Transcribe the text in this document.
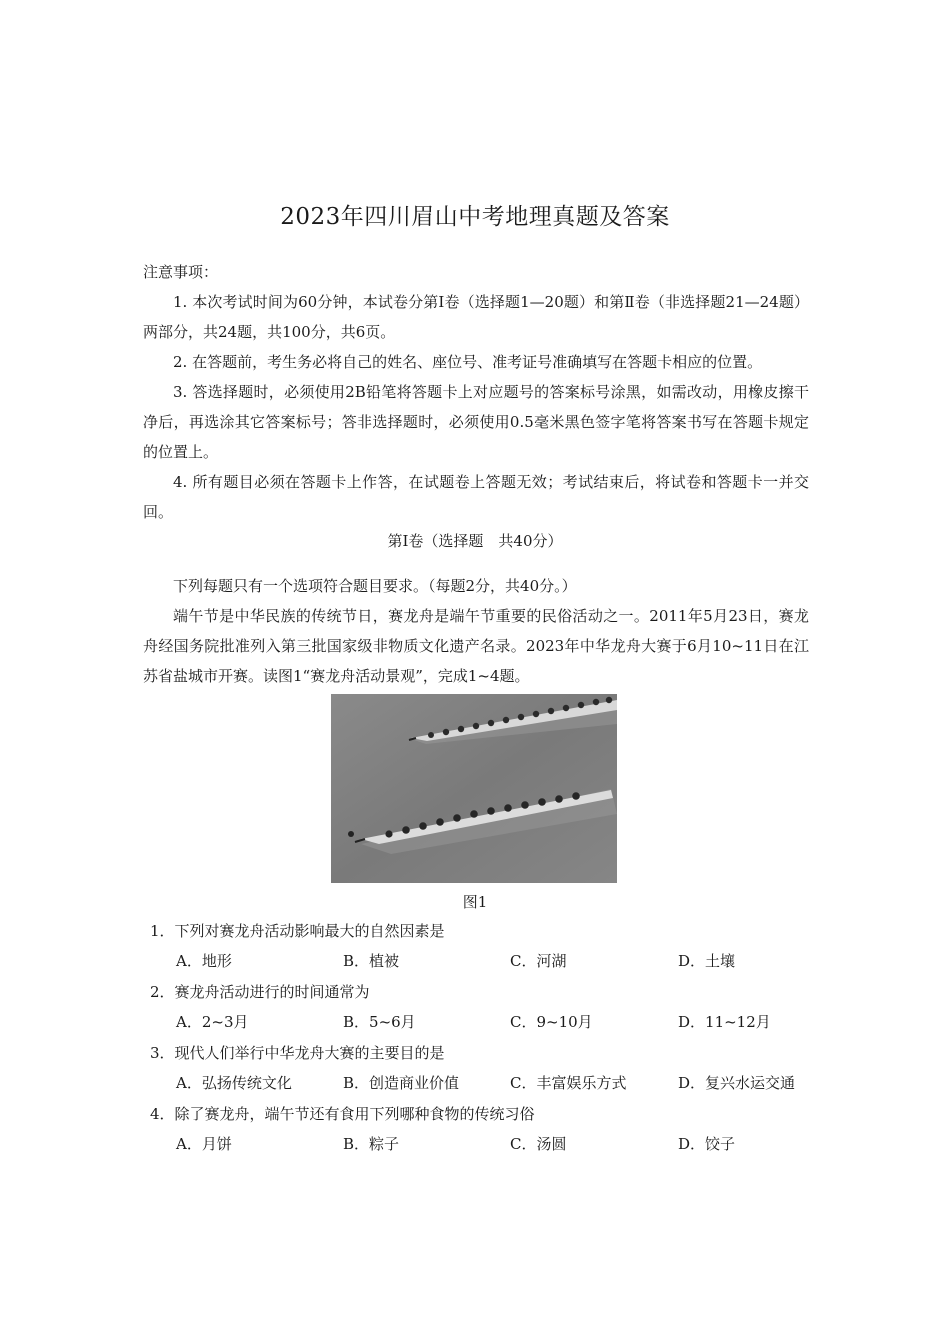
2023年四川眉山中考地理真题及答案
注意事项：

1. 本次考试时间为60分钟，本试卷分第Ⅰ卷（选择题1—20题）和第Ⅱ卷（非选择题21—24题）两部分，共24题，共100分，共6页。

2. 在答题前，考生务必将自己的姓名、座位号、准考证号准确填写在答题卡相应的位置。

3. 答选择题时，必须使用2B铅笔将答题卡上对应题号的答案标号涂黑，如需改动，用橡皮擦干净后，再选涂其它答案标号；答非选择题时，必须使用0.5毫米黑色签字笔将答案书写在答题卡规定的位置上。

4. 所有题目必须在答题卡上作答，在试题卷上答题无效；考试结束后，将试卷和答题卡一并交回。

第Ⅰ卷（选择题　共40分）

下列每题只有一个选项符合题目要求。（每题2分，共40分。）

端午节是中华民族的传统节日，赛龙舟是端午节重要的民俗活动之一。2011年5月23日，赛龙舟经国务院批准列入第三批国家级非物质文化遗产名录。2023年中华龙舟大赛于6月10~11日在江苏省盐城市开赛。读图1“赛龙舟活动景观”，完成1~4题。

图1
1．下列对赛龙舟活动影响最大的自然因素是
A．地形	B．植被	C．河湖	D．土壤
2．赛龙舟活动进行的时间通常为
A．2~3月	B．5~6月	C．9~10月	D．11~12月
3．现代人们举行中华龙舟大赛的主要目的是
A．弘扬传统文化	B．创造商业价值	C．丰富娱乐方式	D．复兴水运交通
4．除了赛龙舟，端午节还有食用下列哪种食物的传统习俗
A．月饼	B．粽子	C．汤圆	D．饺子
